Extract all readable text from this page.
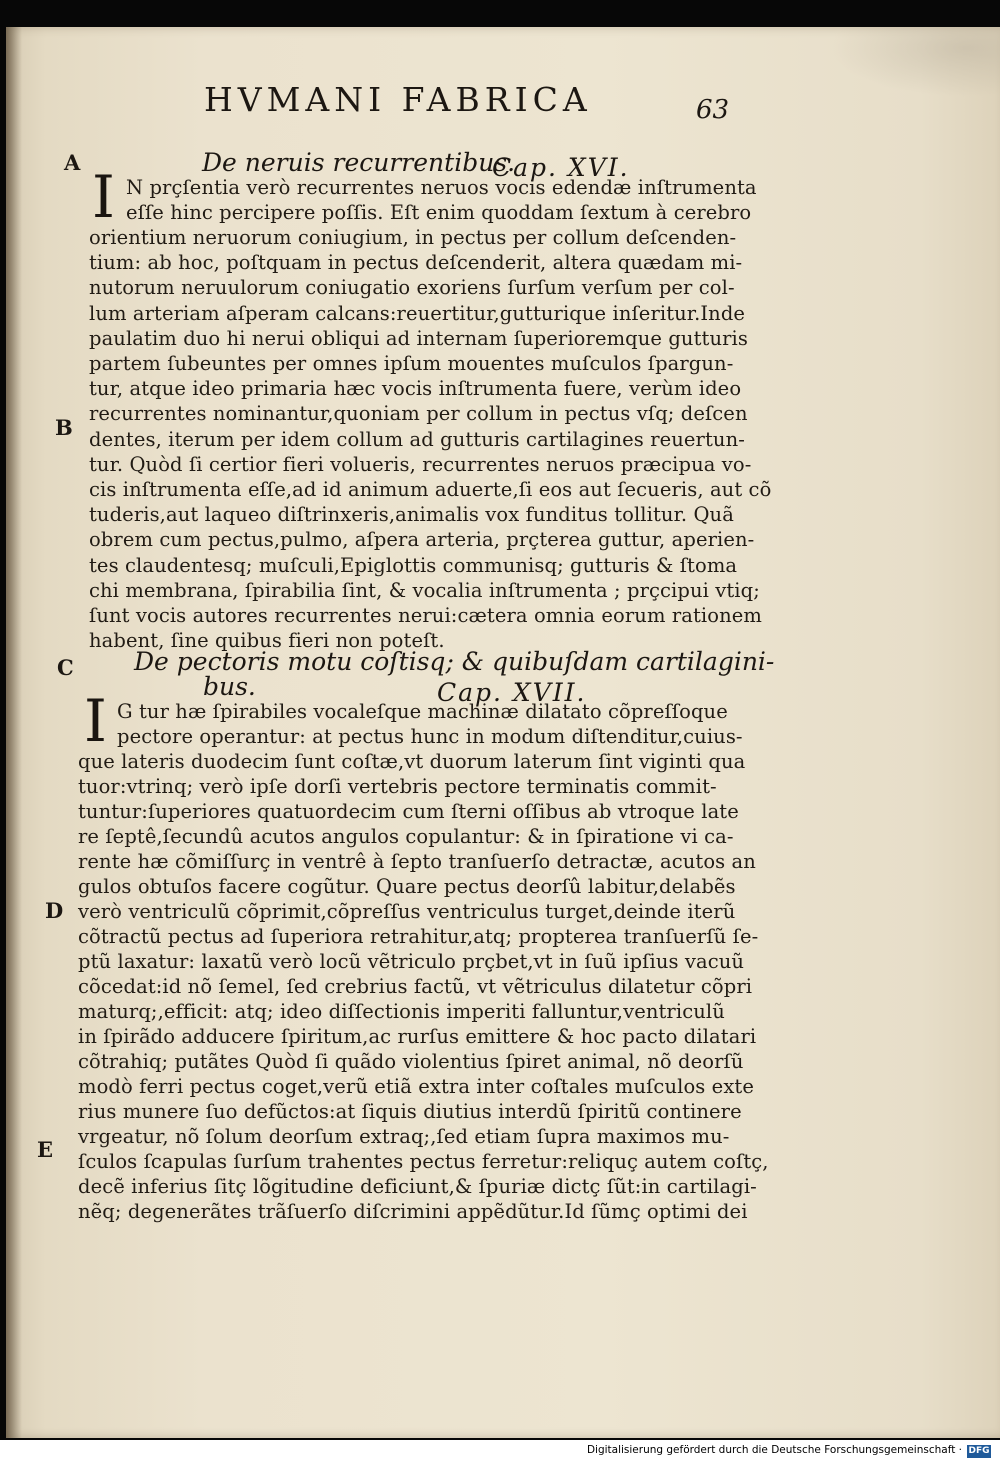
HVMANI FABRICA	63
A
B
C
D
E
De neruis recurrentibus.
Cap. XVI.
I N prçſentia verò recurrentes neruos vocis edendæ inſtrumenta
eſſe hinc percipere poſſis. Eſt enim quoddam ſextum à cerebro
orientium neruorum coniugium, in pectus per collum deſcenden-
tium: ab hoc, poſtquam in pectus deſcenderit, altera quædam mi-
nutorum neruulorum coniugatio exoriens ſurſum verſum per col-
lum arteriam aſperam calcans:reuertitur,gutturique inſeritur.Inde
paulatim duo hi nerui obliqui ad internam ſuperioremque gutturis
partem ſubeuntes per omnes ipſum mouentes muſculos ſpargun-
tur, atque ideo primaria hæc vocis inſtrumenta fuere, verùm ideo
recurrentes nominantur,quoniam per collum in pectus vſq; deſcen
dentes, iterum per idem collum ad gutturis cartilagines reuertun-
tur. Quòd ſi certior fieri volueris, recurrentes neruos præcipua vo-
cis inſtrumenta eſſe,ad id animum aduerte,ſi eos aut ſecueris, aut cõ
tuderis,aut laqueo diſtrinxeris,animalis vox funditus tollitur. Quã
obrem cum pectus,pulmo, aſpera arteria, prçterea guttur, aperien-
tes claudentesq; muſculi,Epiglottis communisq; gutturis & ſtoma
chi membrana, ſpirabilia ſint, & vocalia inſtrumenta ; prçcipui vtiq;
ſunt vocis autores recurrentes nerui:cætera omnia eorum rationem
habent, ſine quibus fieri non poteſt.
De pectoris motu coſtisq; & quibuſdam cartilagini-
bus.	Cap. XVII.
I G tur hæ ſpirabiles vocaleſque machinæ dilatato cõpreſſoque
pectore operantur: at pectus hunc in modum diſtenditur,cuius-
que lateris duodecim ſunt coſtæ,vt duorum laterum ſint viginti qua
tuor:vtrinq; verò ipſe dorſi vertebris pectore terminatis commit-
tuntur:ſuperiores quatuordecim cum ſterni oſſibus ab vtroque late
re ſeptê,ſecundû acutos angulos copulantur: & in ſpiratione vi ca-
rente hæ cõmiſſurç in ventrê à ſepto tranſuerſo detractæ, acutos an
gulos obtuſos facere cogũtur. Quare pectus deorſû labitur,delabẽs
verò ventriculũ cõprimit,cõpreſſus ventriculus turget,deinde iterũ
cõtractũ pectus ad ſuperiora retrahitur,atq; propterea tranſuerſũ ſe-
ptũ laxatur: laxatũ verò locũ vẽtriculo prçbet,vt in ſuũ ipſius vacuũ
cõcedat:id nõ ſemel, ſed crebrius factũ, vt vẽtriculus dilatetur cõpri
maturq;,efficit: atq; ideo diſſectionis imperiti falluntur,ventriculũ
in ſpirãdo adducere ſpiritum,ac rurſus emittere & hoc pacto dilatari
cõtrahiq; putãtes Quòd ſi quãdo violentius ſpiret animal, nõ deorſũ
modò ferri pectus coget,verũ etiã extra inter coſtales muſculos exte
rius munere ſuo defũctos:at ſiquis diutius interdũ ſpiritũ continere
vrgeatur, nõ ſolum deorſum extraq;,ſed etiam ſupra maximos mu-
ſculos ſcapulas ſurſum trahentes pectus ferretur:reliquç autem coſtç,
decẽ inferius ſitç lõgitudine deficiunt,& ſpuriæ dictç ſũt:in cartilagi-
nẽq; degenerãtes trãſuerſo diſcrimini appẽdũtur.Id ſũmç optimi dei
Digitalisierung gefördert durch die Deutsche Forschungsgemeinschaft · DFG
